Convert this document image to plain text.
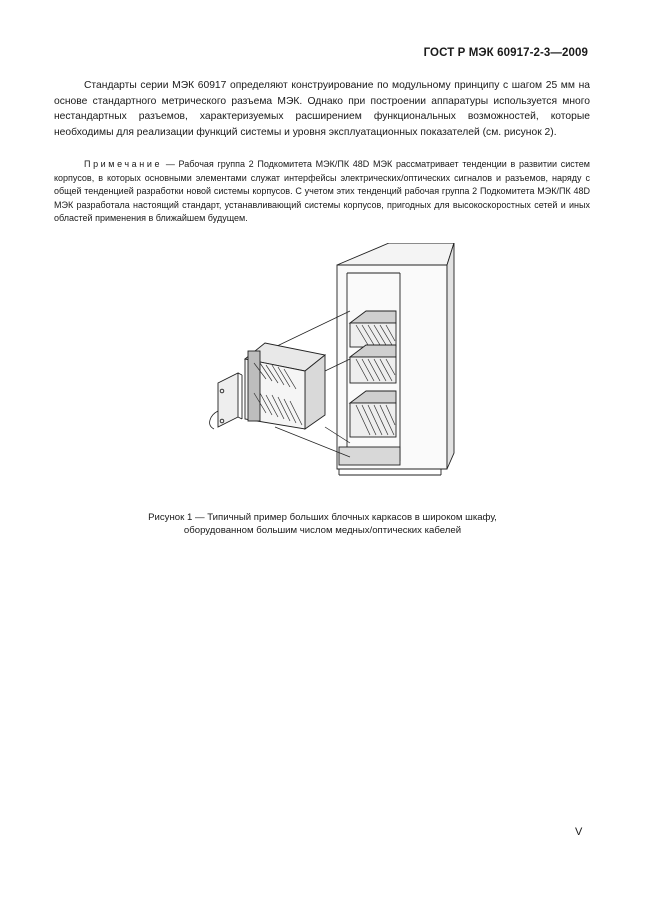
ГОСТ Р МЭК 60917-2-3—2009

Стандарты серии МЭК 60917 определяют конструирование по модульному принципу с шагом 25 мм на основе стандартного метрического разъема МЭК. Однако при построении аппаратуры используется много нестандартных разъемов, характеризуемых расширением функциональных возможностей, которые необходимы для реализации функций системы и уровня эксплуатационных показателей (см. рисунок 2).

Примечание — Рабочая группа 2 Подкомитета МЭК/ПК 48D МЭК рассматривает тенденции в развитии систем корпусов, в которых основными элементами служат интерфейсы электрических/оптических сигналов и разъемов, наряду с общей тенденцией разработки новой системы корпусов. С учетом этих тенденций рабочая группа 2 Подкомитета МЭК/ПК 48D МЭК разработала настоящий стандарт, устанавливающий системы корпусов, пригодных для высокоскоростных сетей и иных областей применения в ближайшем будущем.

Рисунок 1 — Типичный пример больших блочных каркасов в широком шкафу,
оборудованном большим числом медных/оптических кабелей
V
